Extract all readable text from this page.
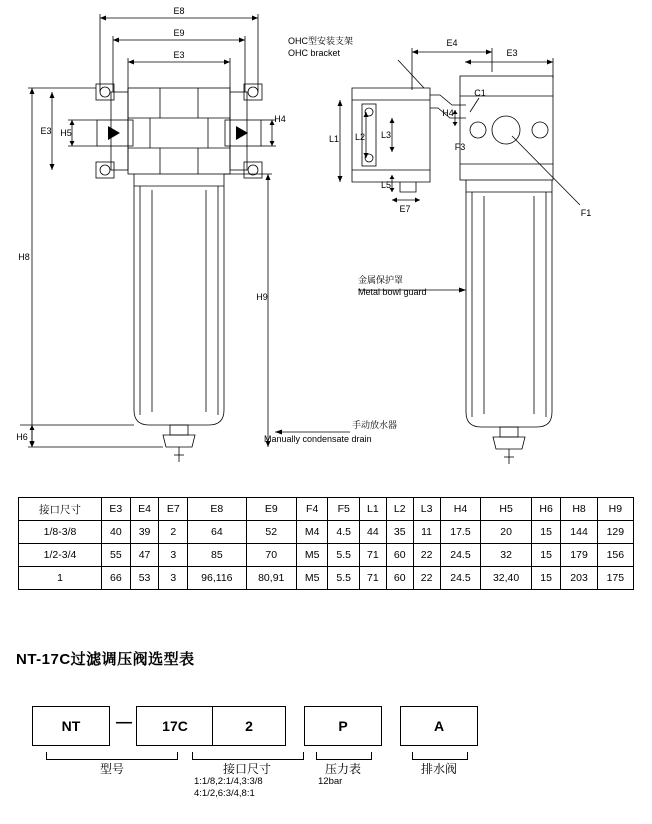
E8
E9
E3
E3 H5
H4
H8
H9
H6
E4
E3
C1
H4
L1 L2 L3
L5
E7	F1
F3
OHC型安装支架
OHC bracket
金属保护罩
Metal bowl guard
手动放水器
Manually condensate drain
接口尺寸	E3	E4	E7	E8	E9	F4	F5	L1	L2	L3	H4	H5	H6	H8	H9
1/8-3/8	40	39	2	64	52	M4	4.5	44	35	11	17.5	20	15	144	129
1/2-3/4	55	47	3	85	70	M5	5.5	71	60	22	24.5	32	15	179	156
1	66	53	3	96,116	80,91	M5	5.5	71	60	22	24.5	32,40	15	203	175
NT-17C过滤调压阀选型表
NT	—	17C	2	P	A
型号	接口尺寸	压力表	排水阀
1:1/8,2:1/4,3:3/8
4:1/2,6:3/4,8:1
12bar
